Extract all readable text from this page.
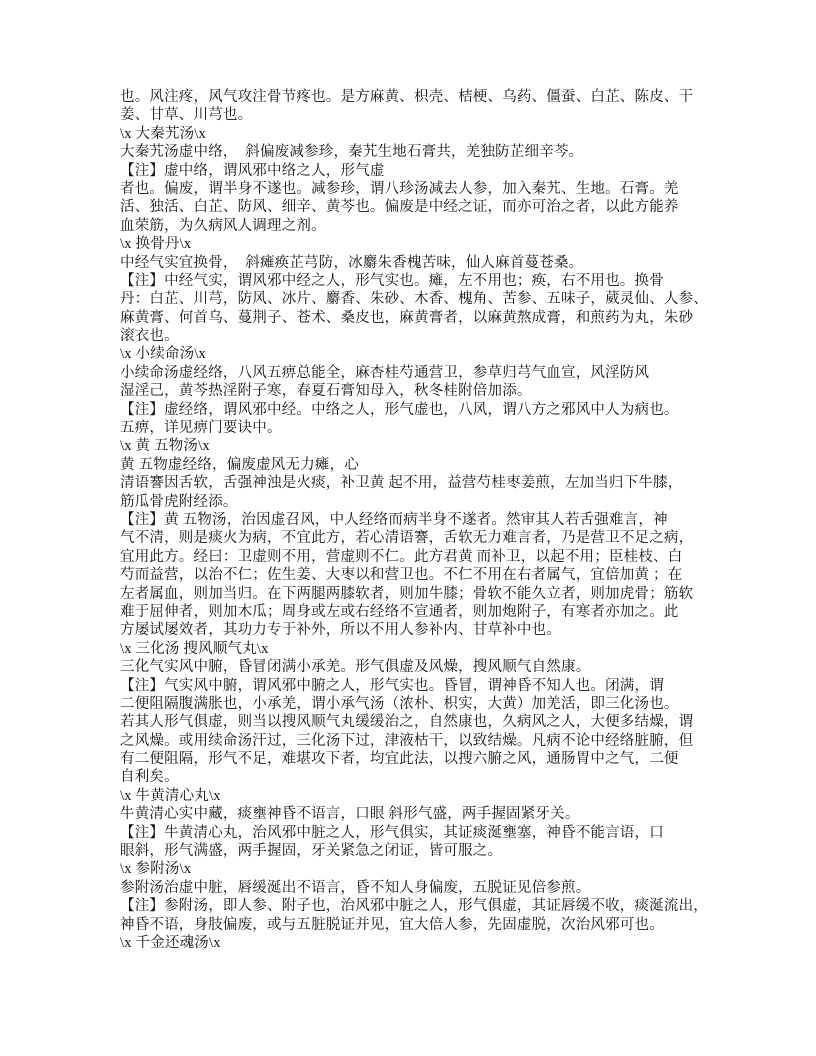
也。风注疼，风气攻注骨节疼也。是方麻黄、枳壳、桔梗、乌药、僵蚕、白芷、陈皮、干
姜、甘草、川芎也。
\x 大秦艽汤\x
大秦艽汤虚中络，  斜偏废减参珍，秦艽生地石膏共，羌独防芷细辛芩。
【注】虚中络，谓风邪中络之人，形气虚
者也。偏废，谓半身不遂也。减参珍，谓八珍汤减去人参，加入秦艽、生地。石膏。羌
活、独活、白芷、防风、细辛、黄芩也。偏废是中经之证，而亦可治之者，以此方能养
血荣筋，为久病风人调理之剂。
\x 换骨丹\x
中经气实宜换骨，  斜瘫痪芷芎防，冰麝朱香槐苦味，仙人麻首蔓苍桑。
【注】中经气实，谓风邪中经之人，形气实也。瘫，左不用也；痪，右不用也。换骨
丹：白芷、川芎，防风、冰片、麝香、朱砂、木香、槐角、苦参、五味子，葳灵仙、人参、
麻黄膏、何首乌、蔓荆子、苍术、桑皮也，麻黄膏者，以麻黄熬成膏，和煎药为丸，朱砂
滚衣也。
\x 小续命汤\x
小续命汤虚经络，八风五痹总能全，麻杏桂芍通营卫，参草归芎气血宣，风淫防风
湿淫己，黄芩热淫附子寒，春夏石膏知母入，秋冬桂附倍加添。
【注】虚经络，谓风邪中经。中络之人，形气虚也，八风，谓八方之邪风中人为病也。
五痹，详见痹门要诀中。
\x 黄 五物汤\x
黄 五物虚经络，偏废虚风无力瘫，心
清语謇因舌软，舌强神浊是火痰，补卫黄 起不用，益营芍桂枣姜煎，左加当归下牛膝，
筋瓜骨虎附经添。
【注】黄 五物汤，治因虚召风，中人经络而病半身不遂者。然审其人若舌强难言，神
气不清，则是痰火为病，不宜此方，若心清语謇，舌软无力难言者，乃是营卫不足之病，
宜用此方。经曰：卫虚则不用，营虚则不仁。此方君黄 而补卫，以起不用；臣桂枝、白
芍而益营，以治不仁；佐生姜、大枣以和营卫也。不仁不用在右者属气，宜倍加黄 ；在
左者属血，则加当归。在下两腿两膝软者，则加牛膝；骨软不能久立者，则加虎骨；筋软
难于屈伸者，则加木瓜；周身或左或右经络不宣通者，则加炮附子，有寒者亦加之。此
方屡试屡效者，其功力专于补外，所以不用人参补内、甘草补中也。
\x 三化汤 搜风顺气丸\x
三化气实风中腑，昏冒闭满小承羌。形气俱虚及风燥，搜风顺气自然康。
【注】气实风中腑，谓风邪中腑之人，形气实也。昏冒，谓神昏不知人也。闭满，谓
二便阻隔腹满胀也，小承羌，谓小承气汤（浓朴、枳实，大黄）加羌活，即三化汤也。
若其人形气俱虚，则当以搜风顺气丸缓缓治之，自然康也，久病风之人，大便多结燥，谓
之风燥。或用续命汤汗过，三化汤下过，津液枯干，以致结燥。凡病不论中经络脏腑，但
有二便阻隔，形气不足，难堪攻下者，均宜此法，以搜六腑之风，通肠胃中之气，二便
自利矣。
\x 牛黄清心丸\x
牛黄清心实中藏，痰壅神昏不语言，口眼 斜形气盛，两手握固紧牙关。
【注】牛黄清心丸，治风邪中脏之人，形气俱实，其证痰涎壅塞，神昏不能言语，口
眼斜，形气满盛，两手握固，牙关紧急之闭证，皆可服之。
\x 参附汤\x
参附汤治虚中脏，唇缓涎出不语言，昏不知人身偏废，五脱证见倍参煎。
【注】参附汤，即人参、附子也，治风邪中脏之人，形气俱虚，其证唇缓不收，痰涎流出，
神昏不语，身肢偏废，或与五脏脱证并见，宜大倍人参，先固虚脱，次治风邪可也。
\x 千金还魂汤\x
